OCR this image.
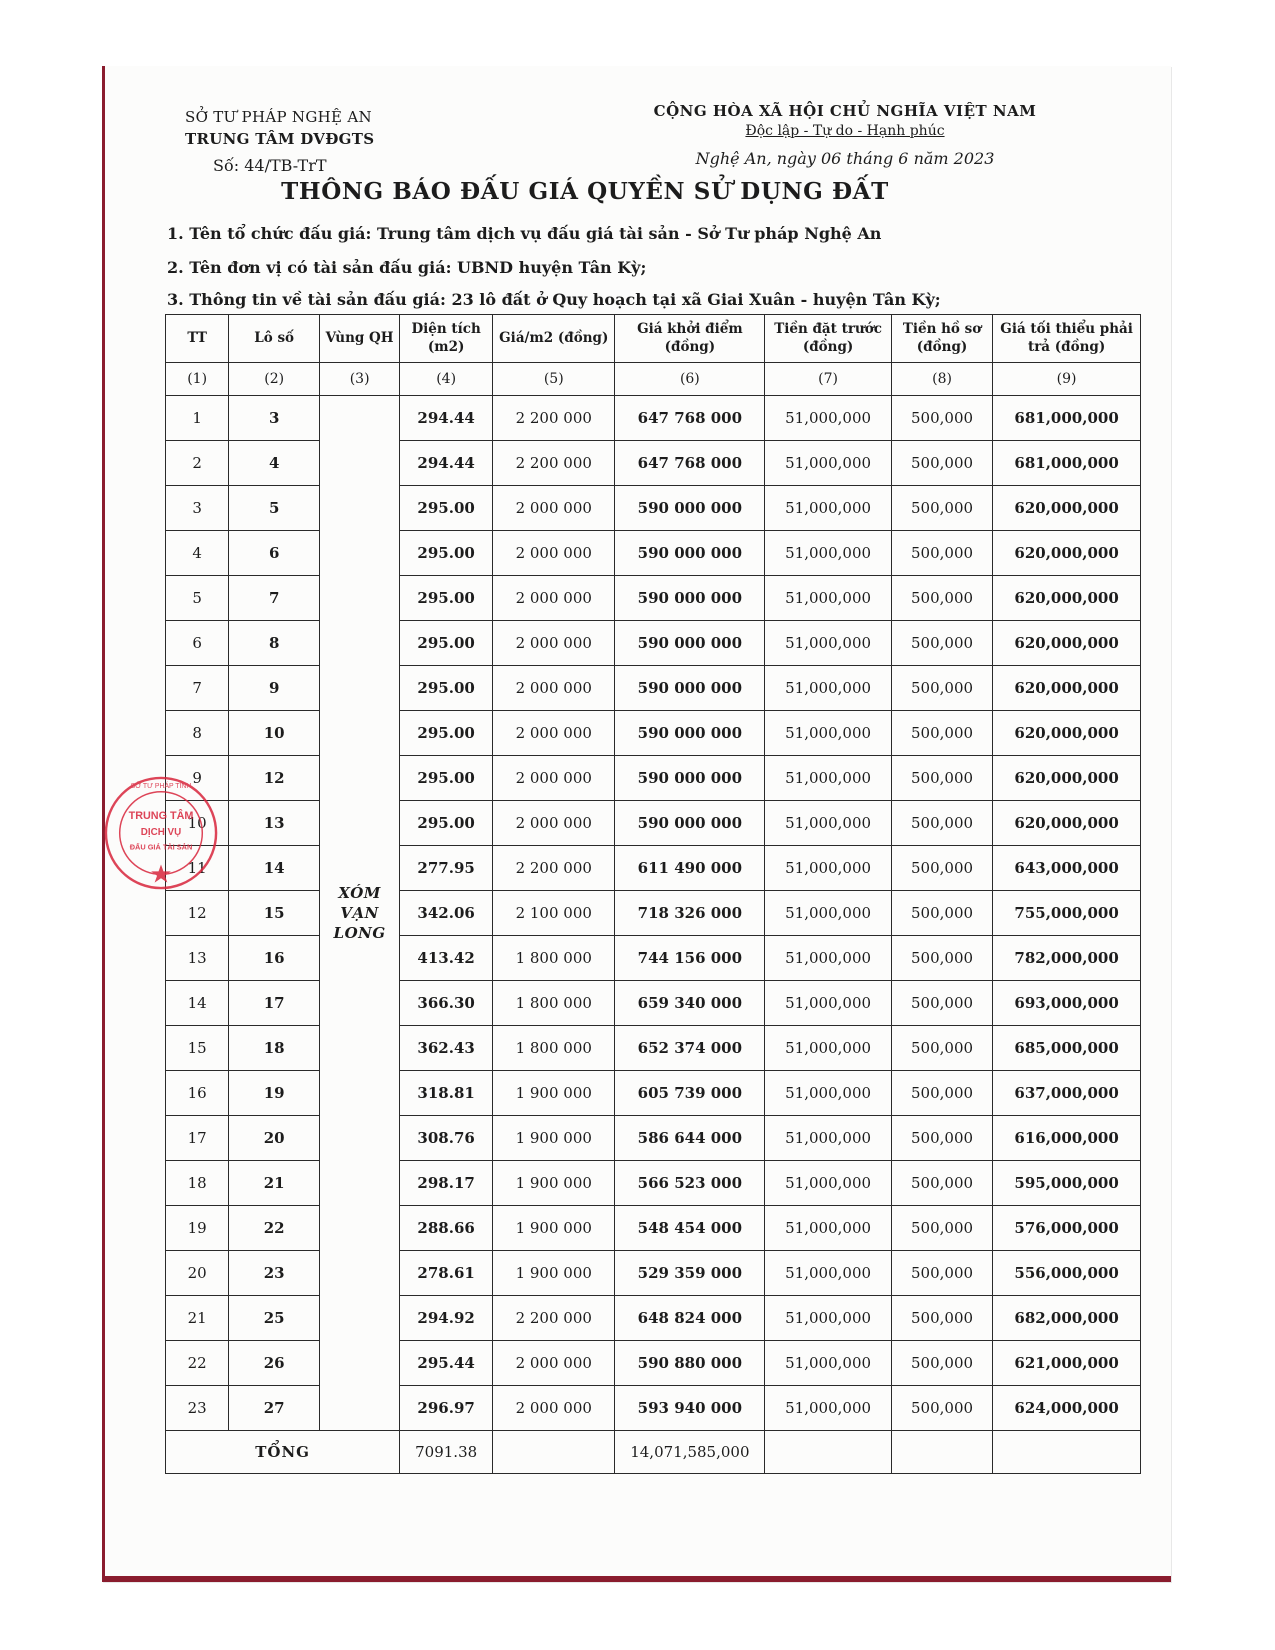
SỞ TƯ PHÁP NGHỆ AN
TRUNG TÂM DVĐGTS
Số: 44/TB-TrT
CỘNG HÒA XÃ HỘI CHỦ NGHĨA VIỆT NAM
Độc lập - Tự do - Hạnh phúc
Nghệ An, ngày 06 tháng 6 năm 2023
THÔNG BÁO ĐẤU GIÁ QUYỀN SỬ DỤNG ĐẤT
1. Tên tổ chức đấu giá: Trung tâm dịch vụ đấu giá tài sản - Sở Tư pháp Nghệ An
2. Tên đơn vị có tài sản đấu giá: UBND huyện Tân Kỳ;
3. Thông tin về tài sản đấu giá: 23 lô đất ở Quy hoạch tại xã Giai Xuân - huyện Tân Kỳ;
TT	Lô số	Vùng QH	Diện tích (m2)	Giá/m2 (đồng)	Giá khởi điểm (đồng)	Tiền đặt trước (đồng)	Tiền hồ sơ (đồng)	Giá tối thiểu phải trả (đồng)
(1)	(2)	(3)	(4)	(5)	(6)	(7)	(8)	(9)
1	3	XÓM VẠN LONG	294.44	2 200 000	647 768 000	51,000,000	500,000	681,000,000
2	4		294.44	2 200 000	647 768 000	51,000,000	500,000	681,000,000
3	5		295.00	2 000 000	590 000 000	51,000,000	500,000	620,000,000
4	6		295.00	2 000 000	590 000 000	51,000,000	500,000	620,000,000
5	7		295.00	2 000 000	590 000 000	51,000,000	500,000	620,000,000
6	8		295.00	2 000 000	590 000 000	51,000,000	500,000	620,000,000
7	9		295.00	2 000 000	590 000 000	51,000,000	500,000	620,000,000
8	10		295.00	2 000 000	590 000 000	51,000,000	500,000	620,000,000
9	12		295.00	2 000 000	590 000 000	51,000,000	500,000	620,000,000
10	13		295.00	2 000 000	590 000 000	51,000,000	500,000	620,000,000
11	14		277.95	2 200 000	611 490 000	51,000,000	500,000	643,000,000
12	15		342.06	2 100 000	718 326 000	51,000,000	500,000	755,000,000
13	16		413.42	1 800 000	744 156 000	51,000,000	500,000	782,000,000
14	17		366.30	1 800 000	659 340 000	51,000,000	500,000	693,000,000
15	18		362.43	1 800 000	652 374 000	51,000,000	500,000	685,000,000
16	19		318.81	1 900 000	605 739 000	51,000,000	500,000	637,000,000
17	20		308.76	1 900 000	586 644 000	51,000,000	500,000	616,000,000
18	21		298.17	1 900 000	566 523 000	51,000,000	500,000	595,000,000
19	22		288.66	1 900 000	548 454 000	51,000,000	500,000	576,000,000
20	23		278.61	1 900 000	529 359 000	51,000,000	500,000	556,000,000
21	25		294.92	2 200 000	648 824 000	51,000,000	500,000	682,000,000
22	26		295.44	2 000 000	590 880 000	51,000,000	500,000	621,000,000
23	27		296.97	2 000 000	593 940 000	51,000,000	500,000	624,000,000
TỔNG			7091.38		14,071,585,000			
TRUNG TÂM
DỊCH VỤ
ĐẤU GIÁ TÀI SẢN
SỞ TƯ PHÁP TỈNH
